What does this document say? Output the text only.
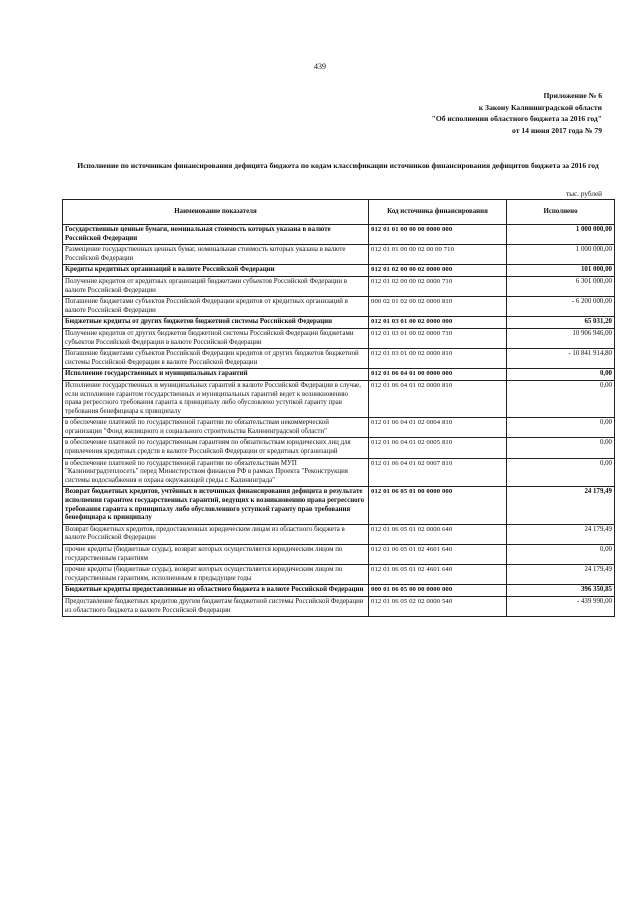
439
Приложение № 6
к Закону Калининградской области
"Об исполнении областного бюджета за 2016 год"
от 14 июня 2017 года № 79
Исполнение по источникам финансирования дефицита бюджета по кодам классификации источников финансирования дефицитов бюджета за 2016 год
тыс. рублей
Наименование показателя	Код источника финансирования	Исполнено
Государственные ценные бумаги, номинальная стоимость которых указана в валюте Российской Федерации	012 01 01 00 00 00 0000 000	1 000 000,00
Размещение государственных ценных бумаг, номинальная стоимость которых указана в валюте Российской Федерации	012 01 01 00 00 02 00 00 710	1 000 000,00
Кредиты кредитных организаций в валюте Российской Федерации	012 01 02 00 00 02 0000 000	101 000,00
Получение кредитов от кредитных организаций бюджетами субъектов Российской Федерации в валюте Российской Федерации	012 01 02 00 00 02 0000 710	6 301 000,00
Погашение бюджетами субъектов Российской Федерации кредитов от кредитных организаций в валюте Российской Федерации	000 02 01 02 00 02 0000 810	- 6 200 000,00
Бюджетные кредиты от других бюджетов бюджетной системы Российской Федерации	012 01 03 01 00 02 0000 000	65 031,20
Получение кредитов от других бюджетов бюджетной системы Российской Федерации бюджетами субъектов Российской Федерации в валюте Российской Федерации	012 01 03 01 00 02 0000 710	10 906 946,00
Погашение бюджетами субъектов Российской Федерации кредитов от других бюджетов бюджетной системы Российской Федерации в валюте Российской Федерации	012 01 03 01 00 02 0000 810	- 10 841 914,80
Исполнение государственных и муниципальных гарантий	012 01 06 04 01 00 0000 000	0,00
Исполнение государственных и муниципальных гарантий в валюте Российской Федерации в случае, если исполнение гарантом государственных и муниципальных гарантий ведет к возникновению права регрессного требования гаранта к принципалу либо обусловлено уступкой гаранту прав требования бенефициара к принципалу	012 01 06 04 01 02 0000 810	0,00
в обеспечение платежей по государственной гарантии по обязательствам некоммерческой организации "Фонд жилищного и социального строительства Калининградской области"	012 01 06 04 01 02 0004 810	0,00
в обеспечение платежей по государственным гарантиям по обязательствам юридических лиц для привлечения кредитных средств в валюте Российской Федерации от кредитных организаций	012 01 06 04 01 02 0005 810	0,00
в обеспечение платежей по государственной гарантии по обязательствам МУП "Калининградтеплосеть" перед Министерством финансов РФ в рамках Проекта "Реконструкция системы водоснабжения и охрана окружающей среды г. Калининграда"	012 01 06 04 01 02 0007 810	0,00
Возврат бюджетных кредитов, учтённых в источниках финансирования дефицита в результате исполнения гарантом государственных гарантий, ведущих к возникновению права регрессного требования гаранта к принципалу либо обусловленного уступкой гаранту прав требования бенефициара к принципалу	012 01 06 05 01 00 0000 000	24 179,49
Возврат бюджетных кредитов, предоставленных юридическим лицам из областного бюджета в валюте Российской Федерации	012 01 06 05 01 02 0000 640	24 179,49
прочие кредиты (бюджетные ссуды), возврат которых осуществляется юридическим лицом по государственным гарантиям	012 01 06 05 01 02 4601 640	0,00
прочие кредиты (бюджетные ссуды), возврат которых осуществляется юридическим лицом по государственным гарантиям, исполненным в предыдущие годы	012 01 06 05 01 02 4601 640	24 179,49
Бюджетные кредиты предоставленные из областного бюджета в валюте Российской Федерации	000 01 06 05 00 00 0000 000	396 350,85
Предоставление бюджетных кредитов другим бюджетам бюджетной системы Российской Федерации из областного бюджета в валюте Российской Федерации	012 01 06 05 02 02 0000 540	- 439 990,00
